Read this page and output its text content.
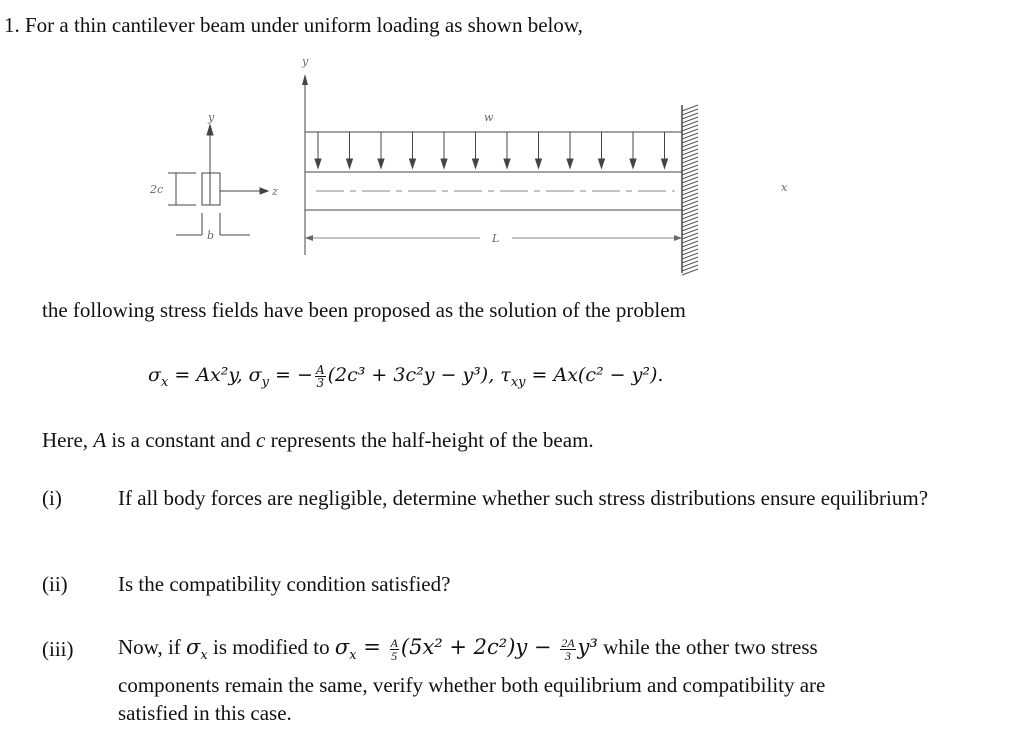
1. For a thin cantilever beam under uniform loading as shown below,
y
z
2c
b
y
w
L
x
the following stress fields have been proposed as the solution of the problem
$\sigma_x = Ax^2y$, $\sigma_y$ = − $\frac{A}{3} (2c^3 + 3c^2y - y^3)$, $\tau_{xy} = Ax(c^2 - y^2)$.
Here, A is a constant and c represents the half-height of the beam.
(i)	If all body forces are negligible, determine whether such stress distributions ensure equilibrium?
(ii) Is the compatibility condition satisfied?
(iii) Now, if $\sigma_x$ is modified to $\sigma_x = \frac{A}{5} (5x^2 + 2c^2)y - \frac{2A}{3} y^3$ while the other two stress
components remain the same, verify whether both equilibrium and compatibility are
satisfied in this case.
